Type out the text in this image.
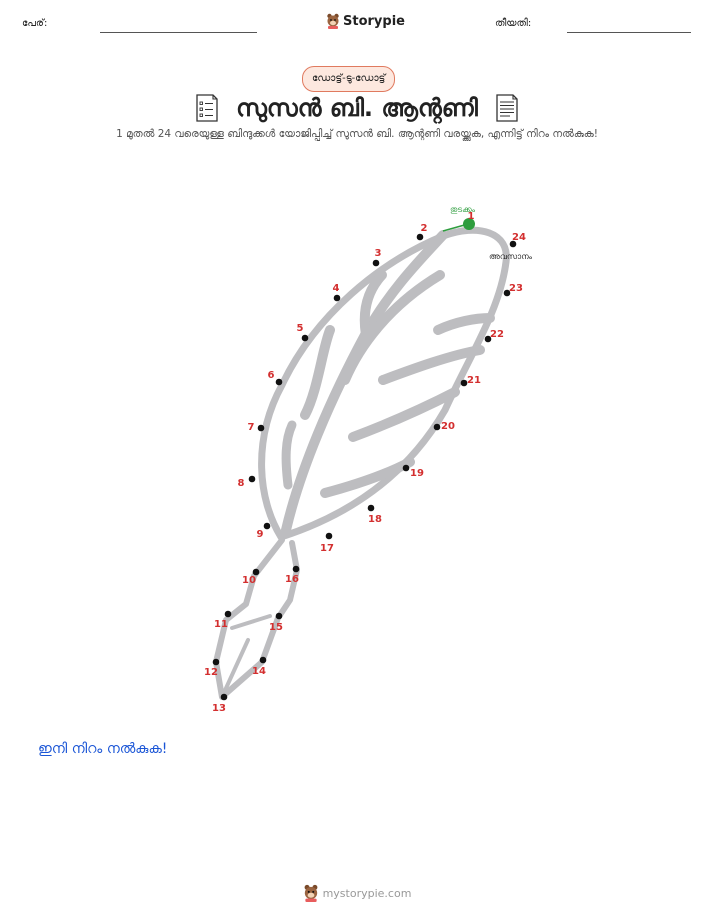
പേര്:	Storypie	തീയതി:
ഡോട്ട്-ടു-ഡോട്ട്
സുസൻ ബി. ആന്റണി
1 മുതൽ 24 വരെയുള്ള ബിന്ദുക്കൾ യോജിപ്പിച്ച് സുസൻ ബി. ആന്റണി വരയ്ക്കുക, എന്നിട്ട് നിറം നൽകുക!
തുടക്കം
അവസാനം
1
2
3
4
5
6
7
8
9
10
11
12
13
14
15
16
17
18
19
20
21
22
23
24
ഇനി നിറം നൽകുക!
mystorypie.com
